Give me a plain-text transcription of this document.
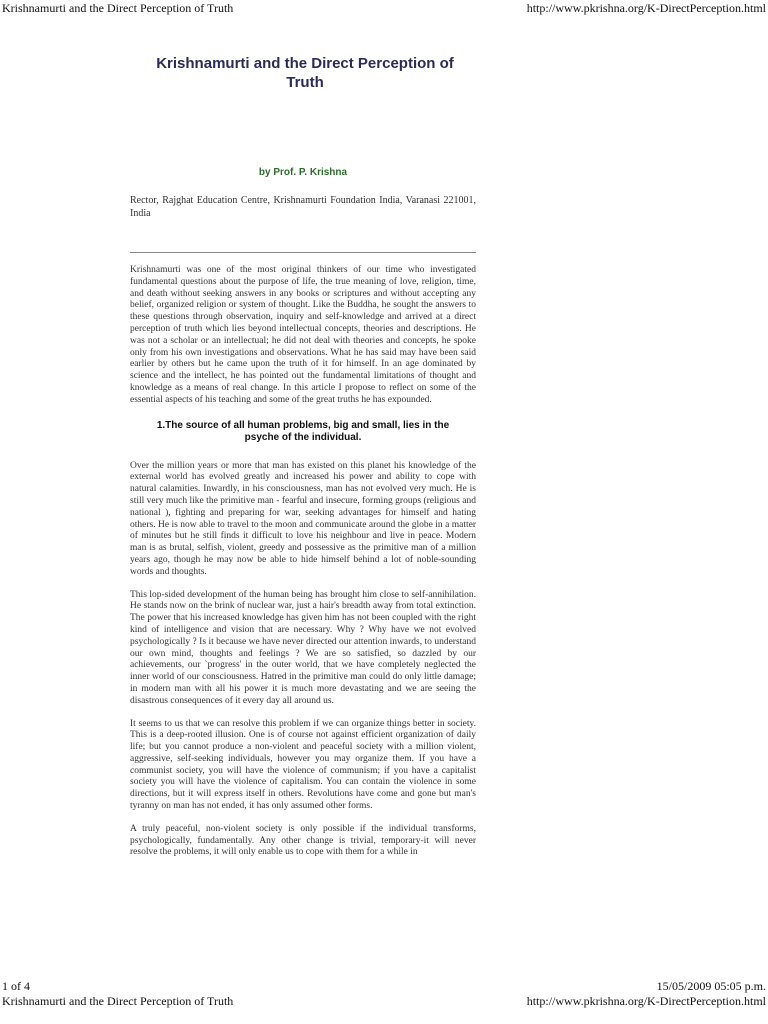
Krishnamurti and the Direct Perception of Truth	http://www.pkrishna.org/K-DirectPerception.html
Krishnamurti and the Direct Perception of Truth
by Prof. P. Krishna
Rector, Rajghat Education Centre, Krishnamurti Foundation India, Varanasi 221001, India

Krishnamurti was one of the most original thinkers of our time who investigated fundamental questions about the purpose of life, the true meaning of love, religion, time, and death without seeking answers in any books or scriptures and without accepting any belief, organized religion or system of thought. Like the Buddha, he sought the answers to these questions through observation, inquiry and self-knowledge and arrived at a direct perception of truth which lies beyond intellectual concepts, theories and descriptions. He was not a scholar or an intellectual; he did not deal with theories and concepts, he spoke only from his own investigations and observations. What he has said may have been said earlier by others but he came upon the truth of it for himself. In an age dominated by science and the intellect, he has pointed out the fundamental limitations of thought and knowledge as a means of real change. In this article I propose to reflect on some of the essential aspects of his teaching and some of the great truths he has expounded.

1.The source of all human problems, big and small, lies in the psyche of the individual.

Over the million years or more that man has existed on this planet his knowledge of the external world has evolved greatly and increased his power and ability to cope with natural calamities. Inwardly, in his consciousness, man has not evolved very much. He is still very much like the primitive man - fearful and insecure, forming groups (religious and national ), fighting and preparing for war, seeking advantages for himself and hating others. He is now able to travel to the moon and communicate around the globe in a matter of minutes but he still finds it difficult to love his neighbour and live in peace. Modern man is as brutal, selfish, violent, greedy and possessive as the primitive man of a million years ago, though he may now be able to hide himself behind a lot of noble-sounding words and thoughts.

This lop-sided development of the human being has brought him close to self-annihilation. He stands now on the brink of nuclear war, just a hair's breadth away from total extinction. The power that his increased knowledge has given him has not been coupled with the right kind of intelligence and vision that are necessary. Why ? Why have we not evolved psychologically ? Is it because we have never directed our attention inwards, to understand our own mind, thoughts and feelings ? We are so satisfied, so dazzled by our achievements, our `progress' in the outer world, that we have completely neglected the inner world of our consciousness. Hatred in the primitive man could do only little damage; in modern man with all his power it is much more devastating and we are seeing the disastrous consequences of it every day all around us.

It seems to us that we can resolve this problem if we can organize things better in society. This is a deep-rooted illusion. One is of course not against efficient organization of daily life; but you cannot produce a non-violent and peaceful society with a million violent, aggressive, self-seeking individuals, however you may organize them. If you have a communist society, you will have the violence of communism; if you have a capitalist society you will have the violence of capitalism. You can contain the violence in some directions, but it will express itself in others. Revolutions have come and gone but man's tyranny on man has not ended, it has only assumed other forms.

A truly peaceful, non-violent society is only possible if the individual transforms, psychologically, fundamentally. Any other change is trivial, temporary-it will never resolve the problems, it will only enable us to cope with them for a while in

1 of 4	15/05/2009 05:05 p.m.
Krishnamurti and the Direct Perception of Truth	http://www.pkrishna.org/K-DirectPerception.html
